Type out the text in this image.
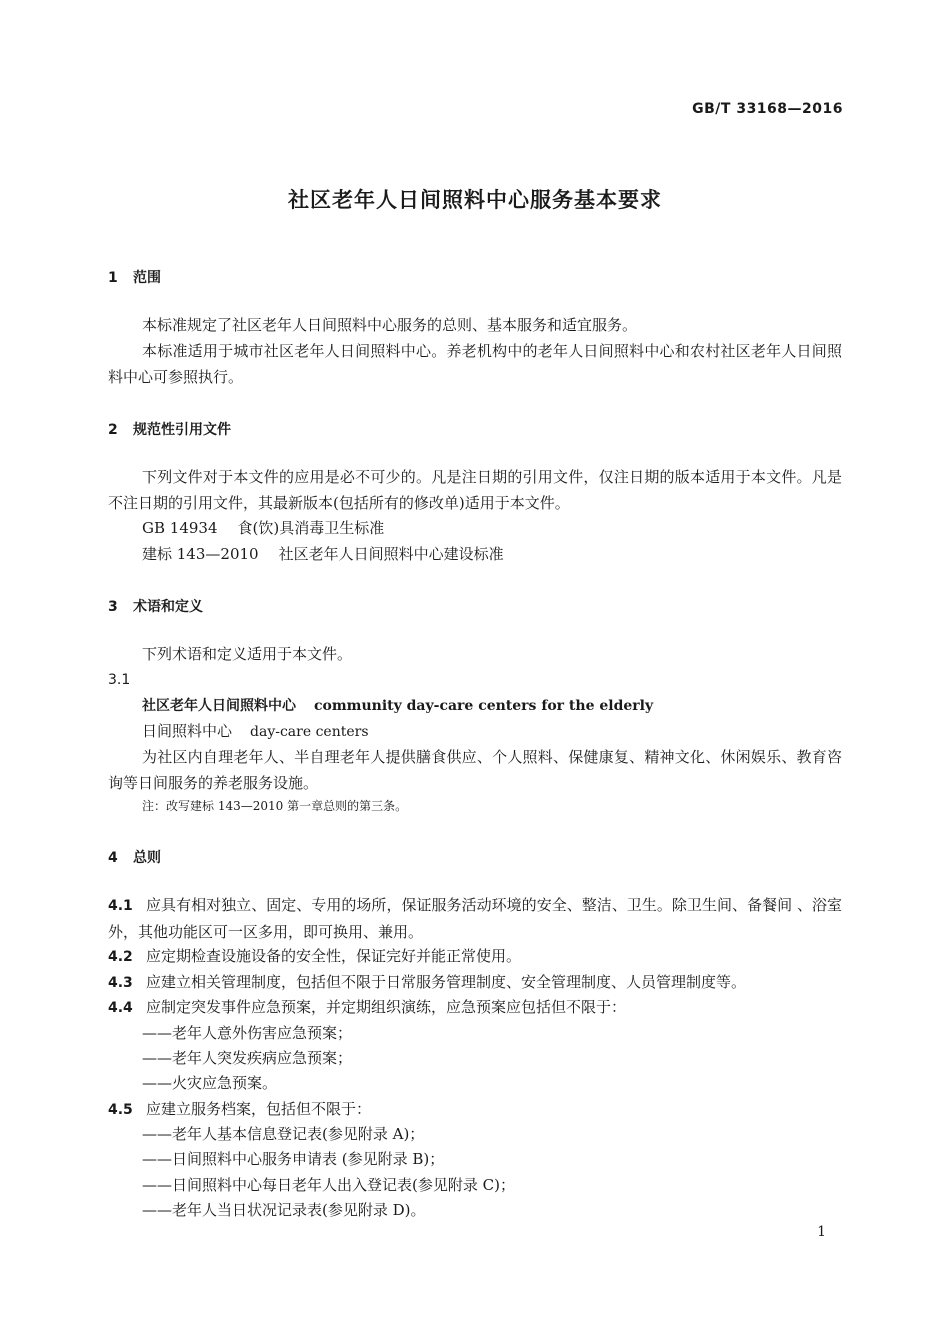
GB/T 33168—2016
社区老年人日间照料中心服务基本要求
1 范围
本标准规定了社区老年人日间照料中心服务的总则、基本服务和适宜服务。
本标准适用于城市社区老年人日间照料中心。养老机构中的老年人日间照料中心和农村社区老年人日间照料中心可参照执行。
2 规范性引用文件
下列文件对于本文件的应用是必不可少的。凡是注日期的引用文件，仅注日期的版本适用于本文件。凡是不注日期的引用文件，其最新版本(包括所有的修改单)适用于本文件。
GB 14934 食(饮)具消毒卫生标准
建标 143—2010 社区老年人日间照料中心建设标准
3 术语和定义
下列术语和定义适用于本文件。
3.1
社区老年人日间照料中心 community day-care centers for the elderly
日间照料中心 day-care centers
为社区内自理老年人、半自理老年人提供膳食供应、个人照料、保健康复、精神文化、休闲娱乐、教育咨询等日间服务的养老服务设施。
注：改写建标 143—2010 第一章总则的第三条。
4 总则
4.1 应具有相对独立、固定、专用的场所，保证服务活动环境的安全、整洁、卫生。除卫生间、备餐间 、浴室外，其他功能区可一区多用，即可换用、兼用。
4.2 应定期检查设施设备的安全性，保证完好并能正常使用。
4.3 应建立相关管理制度，包括但不限于日常服务管理制度、安全管理制度、人员管理制度等。
4.4 应制定突发事件应急预案，并定期组织演练，应急预案应包括但不限于：
——老年人意外伤害应急预案；
——老年人突发疾病应急预案；
——火灾应急预案。
4.5 应建立服务档案，包括但不限于：
——老年人基本信息登记表(参见附录 A)；
——日间照料中心服务申请表 (参见附录 B)；
——日间照料中心每日老年人出入登记表(参见附录 C)；
——老年人当日状况记录表(参见附录 D)。
1
